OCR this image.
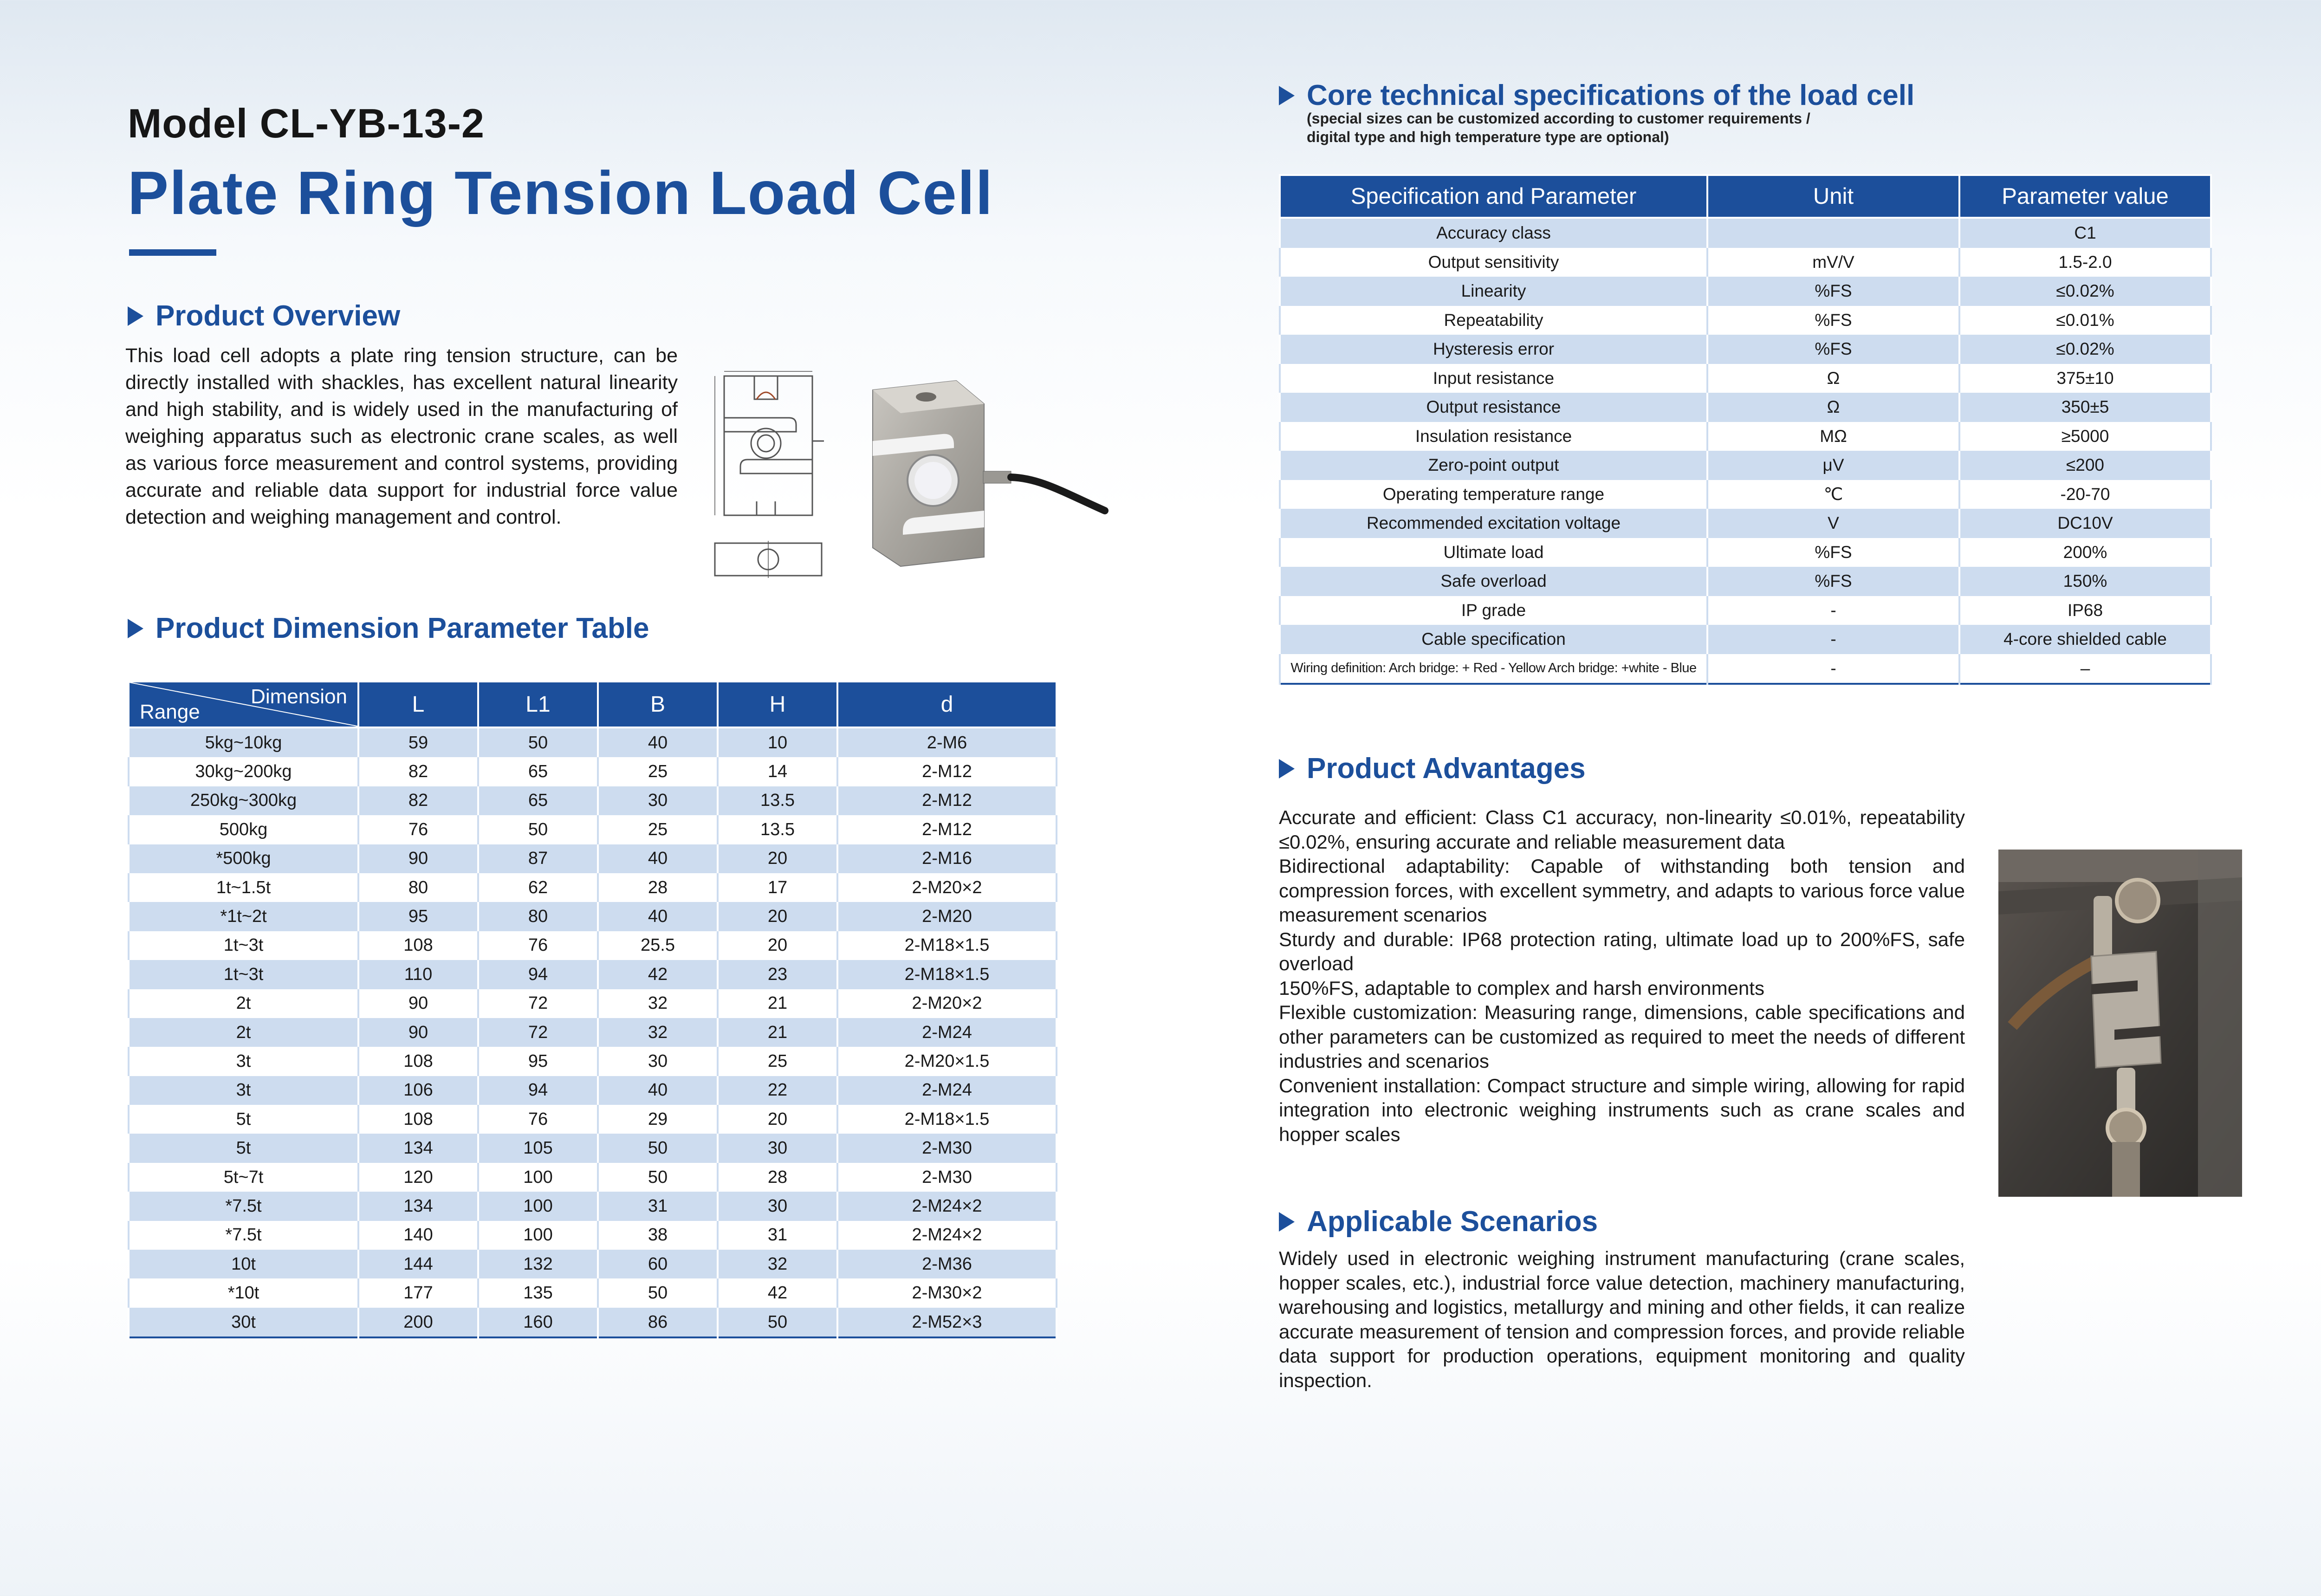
Model CL-YB-13-2
Plate Ring Tension Load Cell
Product Overview
This load cell adopts a plate ring tension structure, can be directly installed with shackles, has excellent natural linearity and high stability, and is widely used in the manufacturing of weighing apparatus such as electronic crane scales, as well as various force measurement and control systems, providing accurate and reliable data support for industrial force value detection and weighing management and control.
Product Dimension Parameter Table
Dimension
Range	L	L1	B	H	d
5kg~10kg	59	50	40	10	2-M6
30kg~200kg	82	65	25	14	2-M12
250kg~300kg	82	65	30	13.5	2-M12
500kg	76	50	25	13.5	2-M12
*500kg	90	87	40	20	2-M16
1t~1.5t	80	62	28	17	2-M20×2
*1t~2t	95	80	40	20	2-M20
1t~3t	108	76	25.5	20	2-M18×1.5
1t~3t	110	94	42	23	2-M18×1.5
2t	90	72	32	21	2-M20×2
2t	90	72	32	21	2-M24
3t	108	95	30	25	2-M20×1.5
3t	106	94	40	22	2-M24
5t	108	76	29	20	2-M18×1.5
5t	134	105	50	30	2-M30
5t~7t	120	100	50	28	2-M30
*7.5t	134	100	31	30	2-M24×2
*7.5t	140	100	38	31	2-M24×2
10t	144	132	60	32	2-M36
*10t	177	135	50	42	2-M30×2
30t	200	160	86	50	2-M52×3
Core technical specifications of the load cell
(special sizes can be customized according to customer requirements /
digital type and high temperature type are optional)
Specification and Parameter	Unit	Parameter value
Accuracy class		C1
Output sensitivity	mV/V	1.5-2.0
Linearity	%FS	≤0.02%
Repeatability	%FS	≤0.01%
Hysteresis error	%FS	≤0.02%
Input resistance	Ω	375±10
Output resistance	Ω	350±5
Insulation resistance	MΩ	≥5000
Zero-point output	μV	≤200
Operating temperature range	℃	-20-70
Recommended excitation voltage	V	DC10V
Ultimate load	%FS	200%
Safe overload	%FS	150%
IP grade	-	IP68
Cable specification	-	4-core shielded cable
Wiring definition: Arch bridge: + Red - Yellow Arch bridge: +white - Blue	-	–
Product Advantages

Accurate and efficient: Class C1 accuracy, non-linearity ≤0.01%, repeatability ≤0.02%, ensuring accurate and reliable measurement data

Bidirectional adaptability: Capable of withstanding both tension and compression forces, with excellent symmetry, and adapts to various force value measurement scenarios

Sturdy and durable: IP68 protection rating, ultimate load up to 200%FS, safe overload

150%FS, adaptable to complex and harsh environments

Flexible customization: Measuring range, dimensions, cable specifications and other parameters can be customized as required to meet the needs of different industries and scenarios

Convenient installation: Compact structure and simple wiring, allowing for rapid integration into electronic weighing instruments such as crane scales and hopper scales

Applicable Scenarios
Widely used in electronic weighing instrument manufacturing (crane scales, hopper scales, etc.), industrial force value detection, machinery manufacturing, warehousing and logistics, metallurgy and mining and other fields, it can realize accurate measurement of tension and compression forces, and provide reliable data support for production operations, equipment monitoring and quality inspection.
